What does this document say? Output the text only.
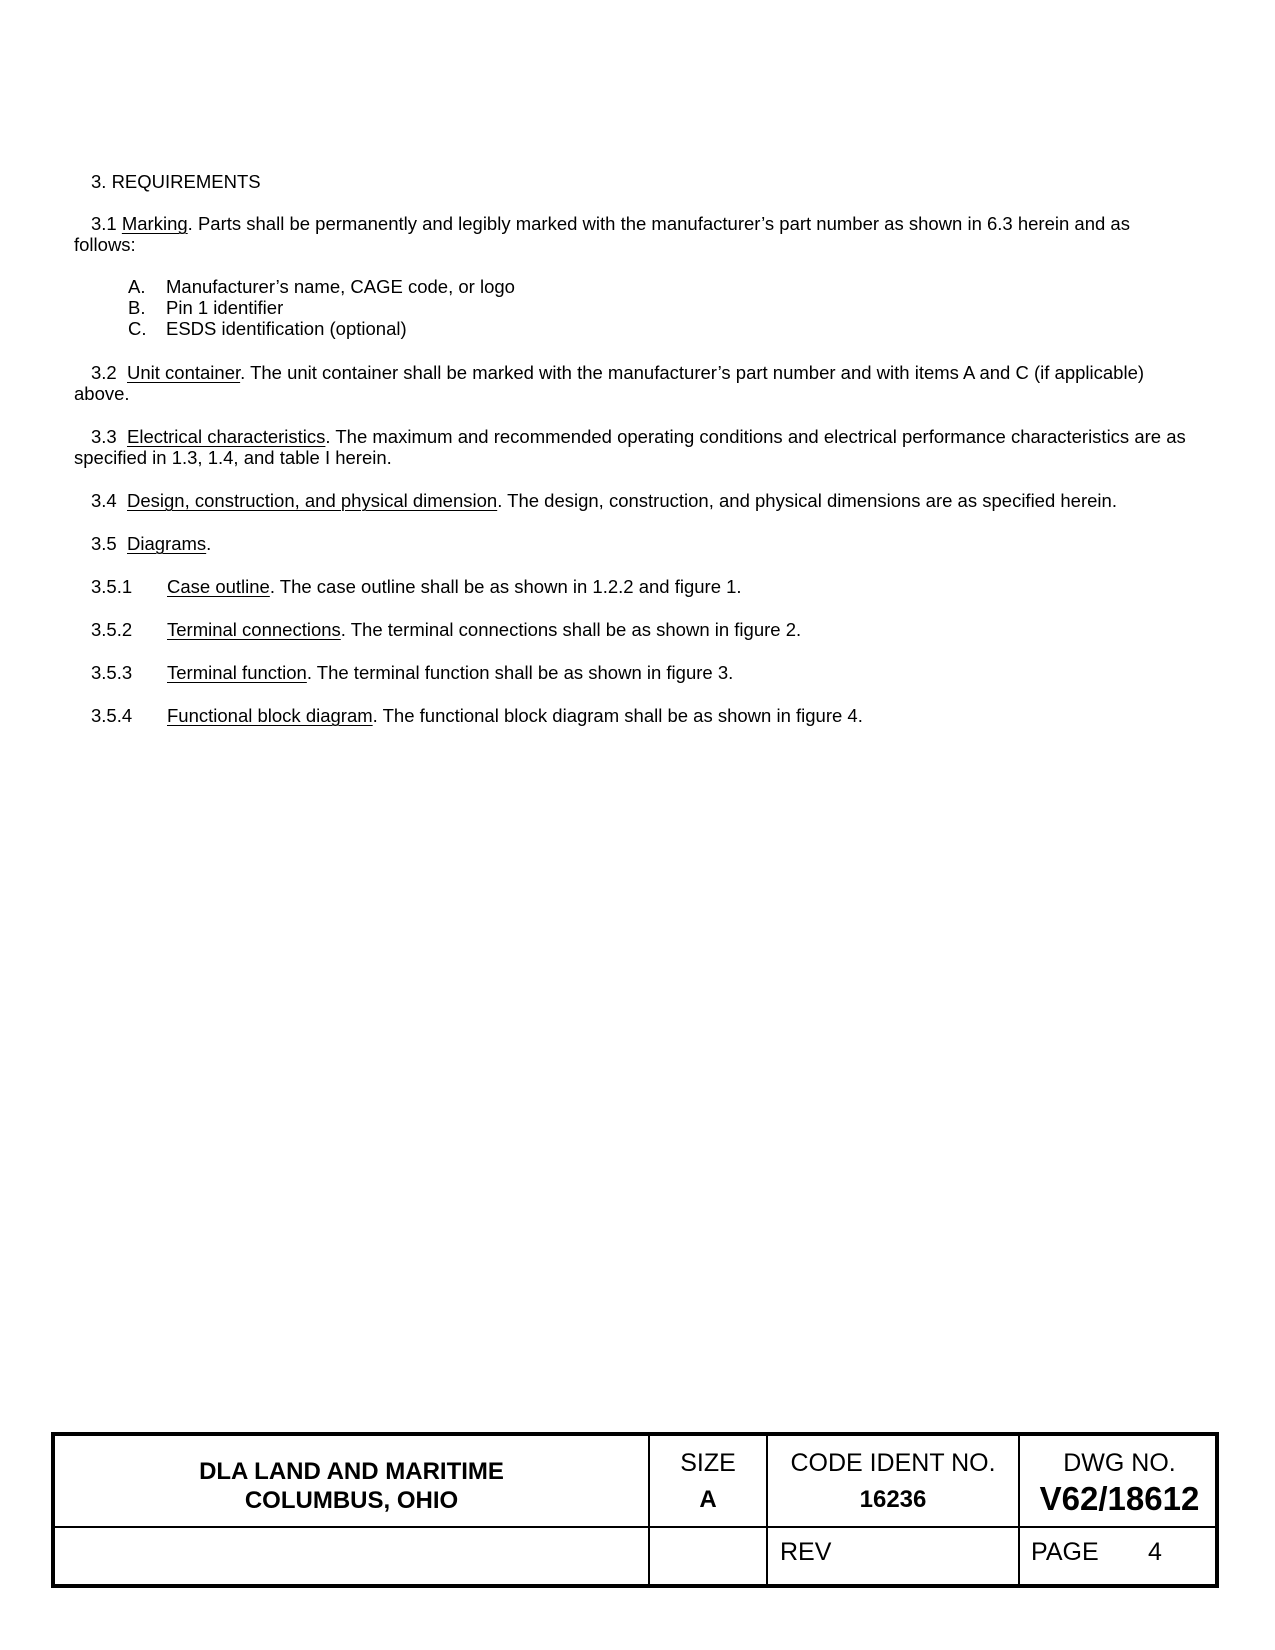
3. REQUIREMENTS
3.1 Marking. Parts shall be permanently and legibly marked with the manufacturer’s part number as shown in 6.3 herein and as
follows:
A. Manufacturer’s name, CAGE code, or logo
B. Pin 1 identifier
C. ESDS identification (optional)
3.2 Unit container. The unit container shall be marked with the manufacturer’s part number and with items A and C (if applicable)
above.
3.3 Electrical characteristics. The maximum and recommended operating conditions and electrical performance characteristics are as
specified in 1.3, 1.4, and table I herein.
3.4 Design, construction, and physical dimension. The design, construction, and physical dimensions are as specified herein.
3.5 Diagrams.
3.5.1 Case outline. The case outline shall be as shown in 1.2.2 and figure 1.
3.5.2 Terminal connections. The terminal connections shall be as shown in figure 2.
3.5.3 Terminal function. The terminal function shall be as shown in figure 3.
3.5.4 Functional block diagram. The functional block diagram shall be as shown in figure 4.
DLA LAND AND MARITIME
COLUMBUS, OHIO
SIZE
A
CODE IDENT NO.
16236
DWG NO.
V62/18612
REV	PAGE 4
